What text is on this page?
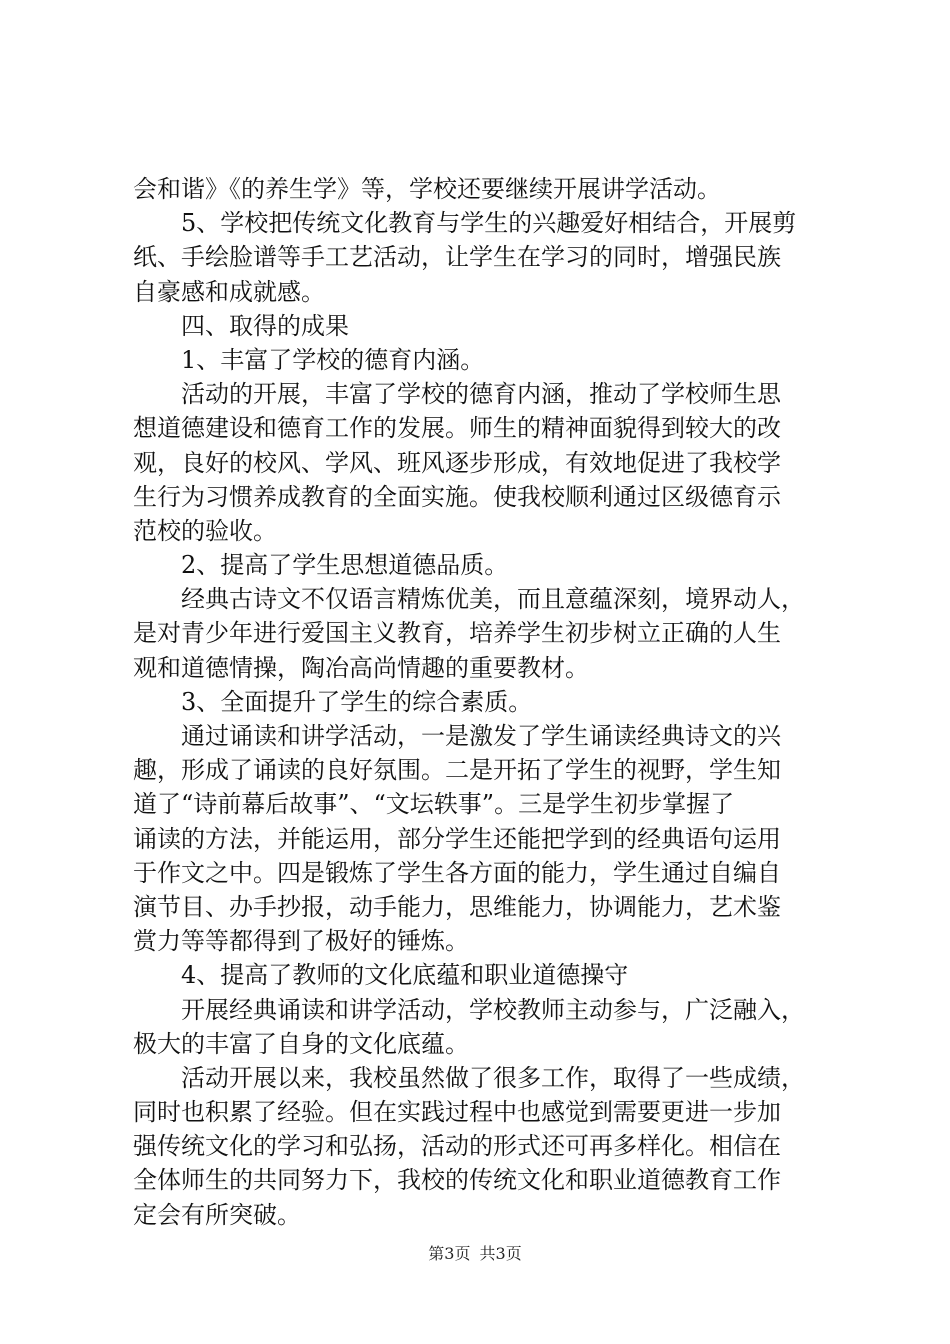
会和谐》《的养生学》等，学校还要继续开展讲学活动。
5、学校把传统文化教育与学生的兴趣爱好相结合，开展剪
纸、手绘脸谱等手工艺活动，让学生在学习的同时，增强民族
自豪感和成就感。
四、取得的成果
1、丰富了学校的德育内涵。
活动的开展，丰富了学校的德育内涵，推动了学校师生思
想道德建设和德育工作的发展。师生的精神面貌得到较大的改
观，良好的校风、学风、班风逐步形成，有效地促进了我校学
生行为习惯养成教育的全面实施。使我校顺利通过区级德育示
范校的验收。
2、提高了学生思想道德品质。
经典古诗文不仅语言精炼优美，而且意蕴深刻，境界动人，
是对青少年进行爱国主义教育，培养学生初步树立正确的人生
观和道德情操，陶冶高尚情趣的重要教材。
3、全面提升了学生的综合素质。
通过诵读和讲学活动，一是激发了学生诵读经典诗文的兴
趣，形成了诵读的良好氛围。二是开拓了学生的视野，学生知
道了“诗前幕后故事”、“文坛轶事”。三是学生初步掌握了
诵读的方法，并能运用，部分学生还能把学到的经典语句运用
于作文之中。四是锻炼了学生各方面的能力，学生通过自编自
演节目、办手抄报，动手能力，思维能力，协调能力，艺术鉴
赏力等等都得到了极好的锤炼。
4、提高了教师的文化底蕴和职业道德操守
开展经典诵读和讲学活动，学校教师主动参与，广泛融入，
极大的丰富了自身的文化底蕴。
活动开展以来，我校虽然做了很多工作，取得了一些成绩，
同时也积累了经验。但在实践过程中也感觉到需要更进一步加
强传统文化的学习和弘扬，活动的形式还可再多样化。相信在
全体师生的共同努力下，我校的传统文化和职业道德教育工作
定会有所突破。
第3页 共3页
